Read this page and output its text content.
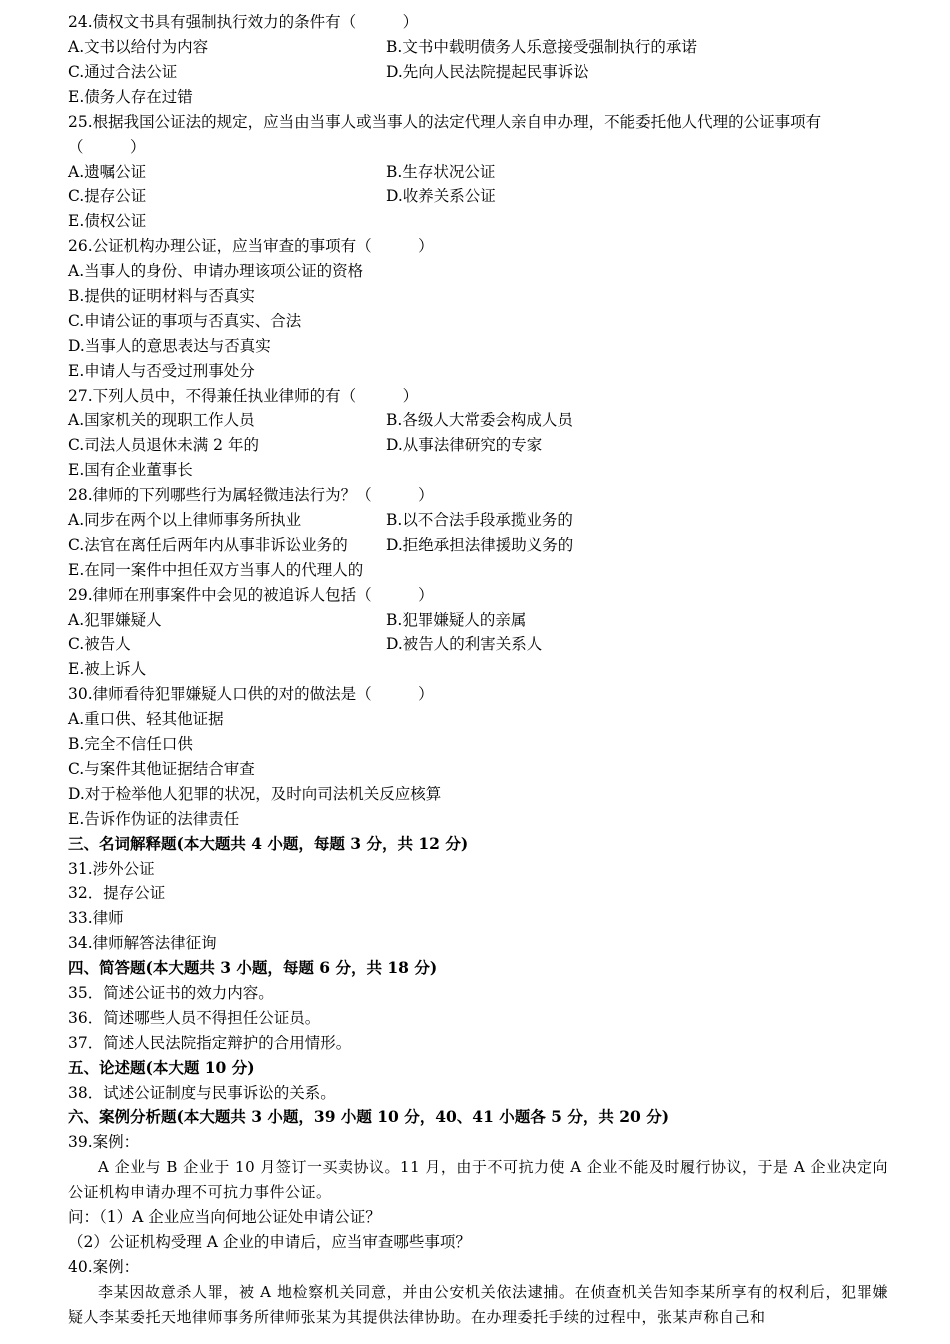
24.债权文书具有强制执行效力的条件有（　　　）
A.文书以给付为内容	B.文书中载明债务人乐意接受强制执行的承诺
C.通过合法公证	D.先向人民法院提起民事诉讼
E.债务人存在过错
25.根据我国公证法的规定，应当由当事人或当事人的法定代理人亲自申办理，不能委托他人代理的公证事项有（　　　）
A.遗嘱公证	B.生存状况公证
C.提存公证	D.收养关系公证
E.债权公证
26.公证机构办理公证，应当审查的事项有（　　　）
A.当事人的身份、申请办理该项公证的资格
B.提供的证明材料与否真实
C.申请公证的事项与否真实、合法
D.当事人的意思表达与否真实
E.申请人与否受过刑事处分
27.下列人员中，不得兼任执业律师的有（　　　）
A.国家机关的现职工作人员	B.各级人大常委会构成人员
C.司法人员退休未满 2 年的	D.从事法律研究的专家
E.国有企业董事长
28.律师的下列哪些行为属轻微违法行为？（　　　）
A.同步在两个以上律师事务所执业	B.以不合法手段承揽业务的
C.法官在离任后两年内从事非诉讼业务的 D.拒绝承担法律援助义务的
E.在同一案件中担任双方当事人的代理人的
29.律师在刑事案件中会见的被追诉人包括（　　　）
A.犯罪嫌疑人	B.犯罪嫌疑人的亲属
C.被告人	D.被告人的利害关系人
E.被上诉人
30.律师看待犯罪嫌疑人口供的对的做法是（　　　）
A.重口供、轻其他证据
B.完全不信任口供
C.与案件其他证据结合审查
D.对于检举他人犯罪的状况，及时向司法机关反应核算
E.告诉作伪证的法律责任
三、名词解释题(本大题共 4 小题，每题 3 分，共 12 分)
31.涉外公证
32．提存公证
33.律师
34.律师解答法律征询
四、简答题(本大题共 3 小题，每题 6 分，共 18 分)
35．简述公证书的效力内容。
36．简述哪些人员不得担任公证员。
37．简述人民法院指定辩护的合用情形。
五、论述题(本大题 10 分)
38．试述公证制度与民事诉讼的关系。
六、案例分析题(本大题共 3 小题，39 小题 10 分，40、41 小题各 5 分，共 20 分)
39.案例：
A 企业与 B 企业于 10 月签订一买卖协议。11 月，由于不可抗力使 A 企业不能及时履行协议，于是 A 企业决定向公证机构申请办理不可抗力事件公证。
问：（1）A 企业应当向何地公证处申请公证？
（2）公证机构受理 A 企业的申请后，应当审查哪些事项？
40.案例：
李某因故意杀人罪，被 A 地检察机关同意，并由公安机关依法逮捕。在侦查机关告知李某所享有的权利后，犯罪嫌疑人李某委托天地律师事务所律师张某为其提供法律协助。在办理委托手续的过程中，张某声称自己和
